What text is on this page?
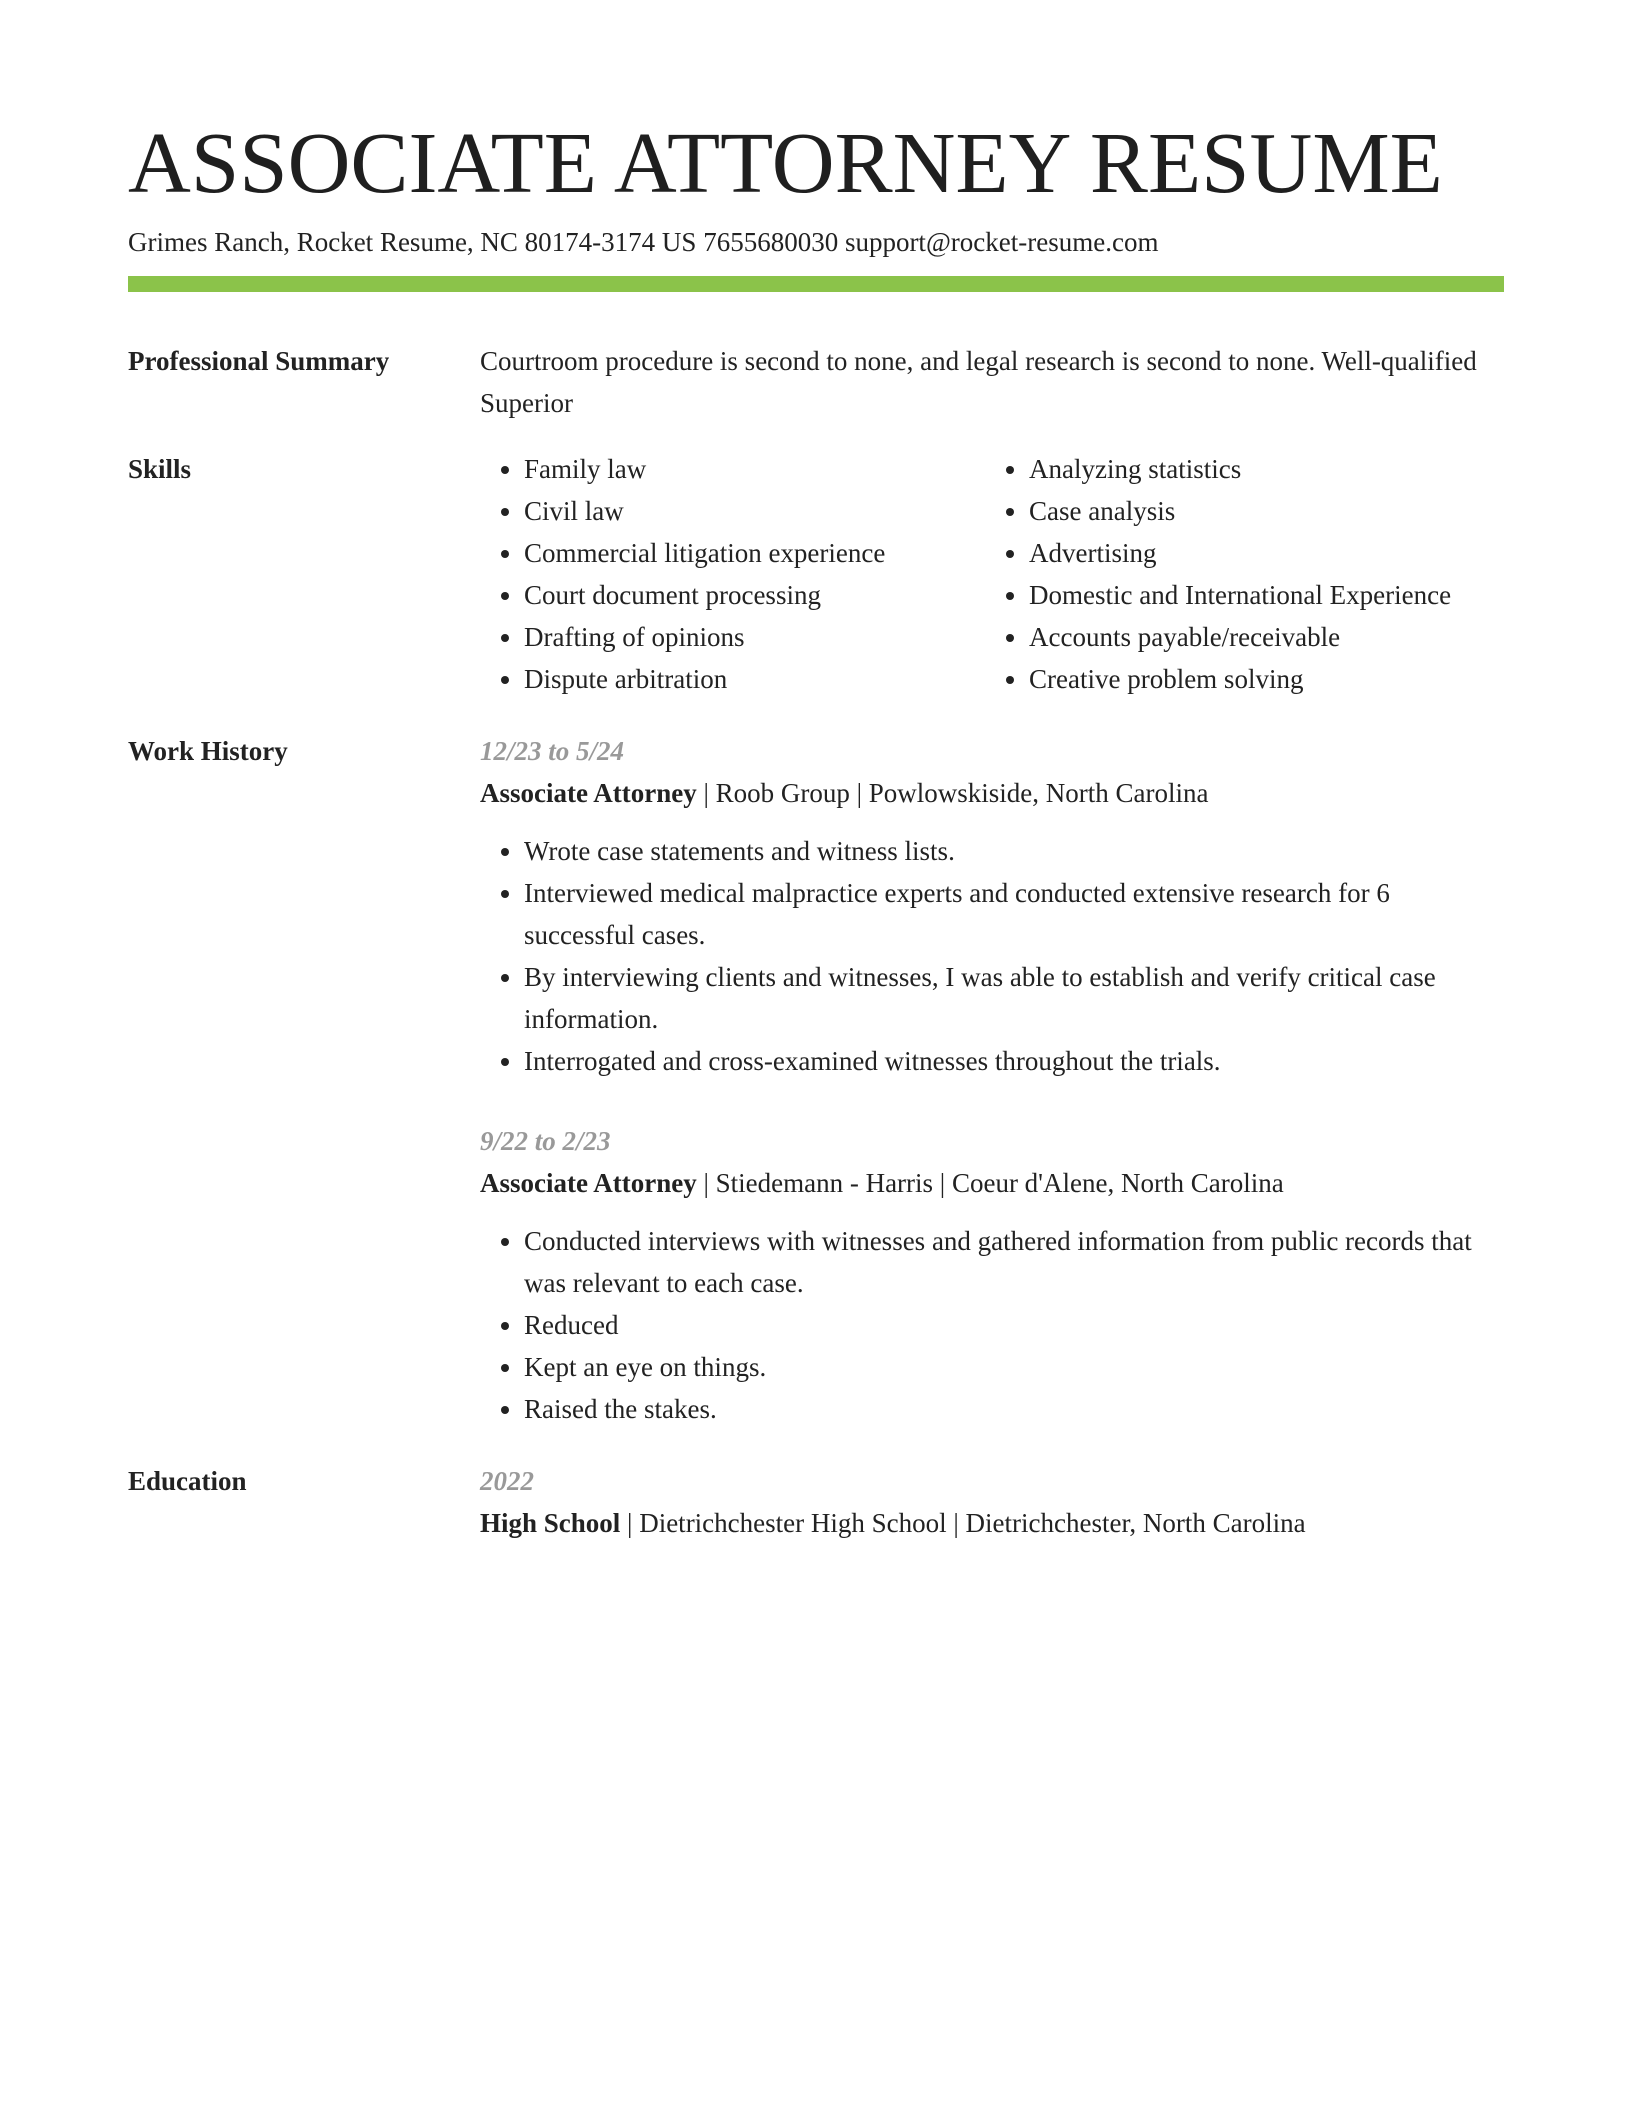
ASSOCIATE ATTORNEY RESUME
Grimes Ranch, Rocket Resume, NC 80174-3174 US 7655680030 support@rocket-resume.com
Professional Summary	Courtroom procedure is second to none, and legal research is second to none. Well-qualified Superior
Skills	• Family law
• Civil law
• Commercial litigation experience
• Court document processing
• Drafting of opinions
• Dispute arbitration
• Analyzing statistics
• Case analysis
• Advertising
• Domestic and International Experience
• Accounts payable/receivable
• Creative problem solving
Work History	12/23 to 5/24
Associate Attorney | Roob Group | Powlowskiside, North Carolina
• Wrote case statements and witness lists.
• Interviewed medical malpractice experts and conducted extensive research for 6 successful cases.
• By interviewing clients and witnesses, I was able to establish and verify critical case information.
• Interrogated and cross-examined witnesses throughout the trials.
9/22 to 2/23
Associate Attorney | Stiedemann - Harris | Coeur d'Alene, North Carolina
• Conducted interviews with witnesses and gathered information from public records that was relevant to each case.
• Reduced
• Kept an eye on things.
• Raised the stakes.
Education	2022
High School | Dietrichchester High School | Dietrichchester, North Carolina
